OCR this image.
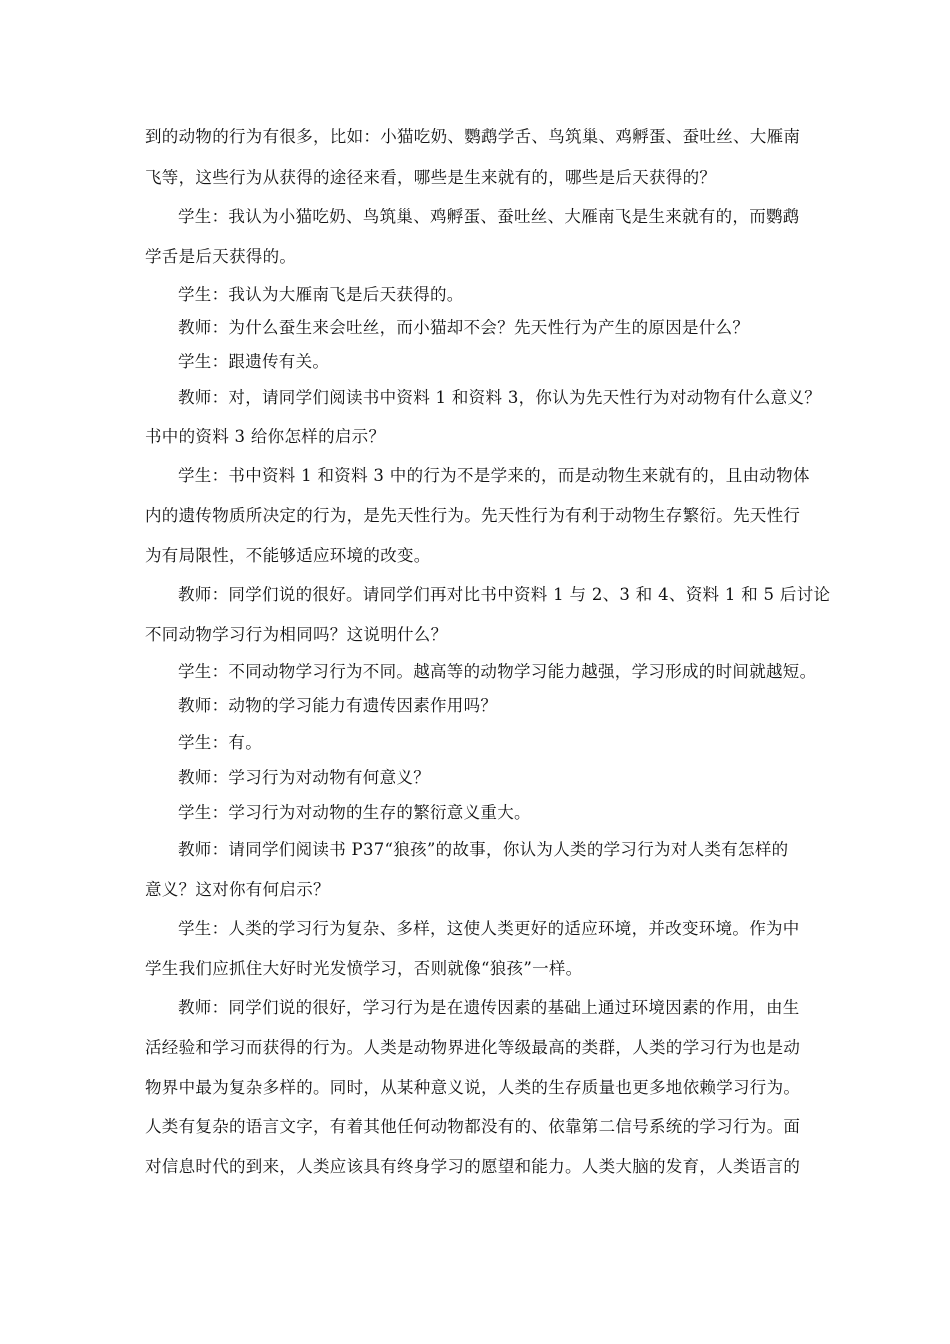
到的动物的行为有很多，比如：小猫吃奶、鹦鹉学舌、鸟筑巢、鸡孵蛋、蚕吐丝、大雁南
飞等，这些行为从获得的途径来看，哪些是生来就有的，哪些是后天获得的？
学生：我认为小猫吃奶、鸟筑巢、鸡孵蛋、蚕吐丝、大雁南飞是生来就有的，而鹦鹉
学舌是后天获得的。
学生：我认为大雁南飞是后天获得的。
教师：为什么蚕生来会吐丝，而小猫却不会？先天性行为产生的原因是什么？
学生：跟遗传有关。
教师：对，请同学们阅读书中资料 1 和资料 3，你认为先天性行为对动物有什么意义？
书中的资料 3 给你怎样的启示？
学生：书中资料 1 和资料 3 中的行为不是学来的，而是动物生来就有的，且由动物体
内的遗传物质所决定的行为，是先天性行为。先天性行为有利于动物生存繁衍。先天性行
为有局限性，不能够适应环境的改变。
教师：同学们说的很好。请同学们再对比书中资料 1 与 2、3 和 4、资料 1 和 5 后讨论
不同动物学习行为相同吗？这说明什么？
学生：不同动物学习行为不同。越高等的动物学习能力越强，学习形成的时间就越短。
教师：动物的学习能力有遗传因素作用吗？
学生：有。
教师：学习行为对动物有何意义？
学生：学习行为对动物的生存的繁衍意义重大。
教师：请同学们阅读书 P37“狼孩”的故事，你认为人类的学习行为对人类有怎样的
意义？这对你有何启示？
学生：人类的学习行为复杂、多样，这使人类更好的适应环境，并改变环境。作为中
学生我们应抓住大好时光发愤学习，否则就像“狼孩”一样。
教师：同学们说的很好，学习行为是在遗传因素的基础上通过环境因素的作用，由生
活经验和学习而获得的行为。人类是动物界进化等级最高的类群，人类的学习行为也是动
物界中最为复杂多样的。同时，从某种意义说，人类的生存质量也更多地依赖学习行为。
人类有复杂的语言文字，有着其他任何动物都没有的、依靠第二信号系统的学习行为。面
对信息时代的到来，人类应该具有终身学习的愿望和能力。人类大脑的发育，人类语言的
